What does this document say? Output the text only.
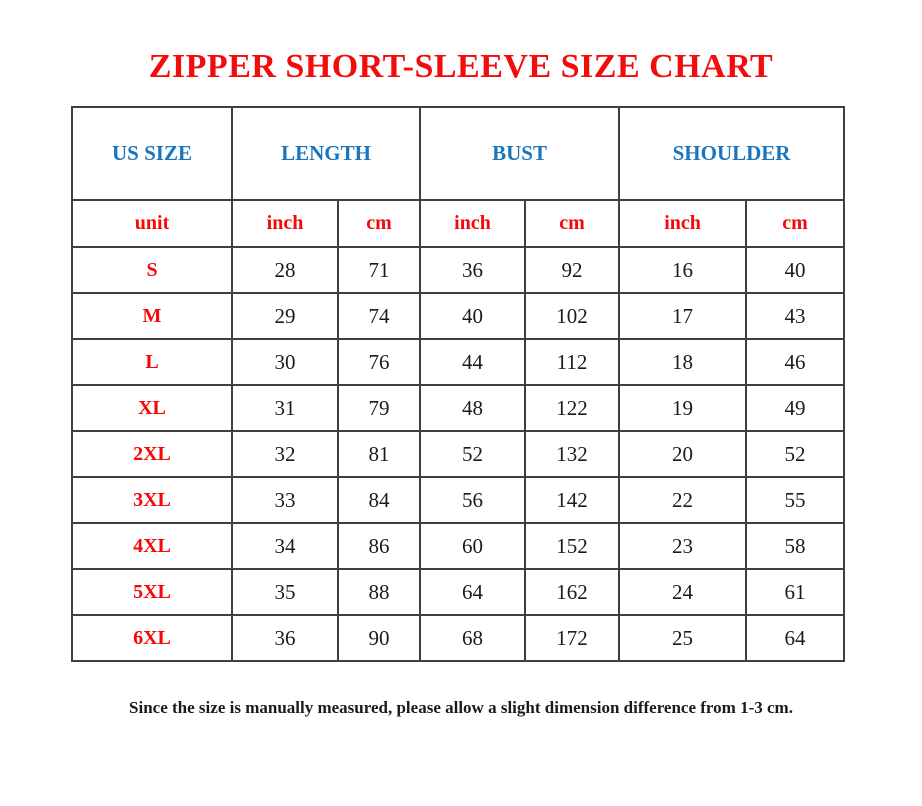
ZIPPER SHORT-SLEEVE SIZE CHART
US SIZE	LENGTH		BUST		SHOULDER	
unit	inch	cm	inch	cm	inch	cm
S	28	71	36	92	16	40
M	29	74	40	102	17	43
L	30	76	44	112	18	46
XL	31	79	48	122	19	49
2XL	32	81	52	132	20	52
3XL	33	84	56	142	22	55
4XL	34	86	60	152	23	58
5XL	35	88	64	162	24	61
6XL	36	90	68	172	25	64

Since the size is manually measured, please allow a slight dimension difference from 1-3 cm.
